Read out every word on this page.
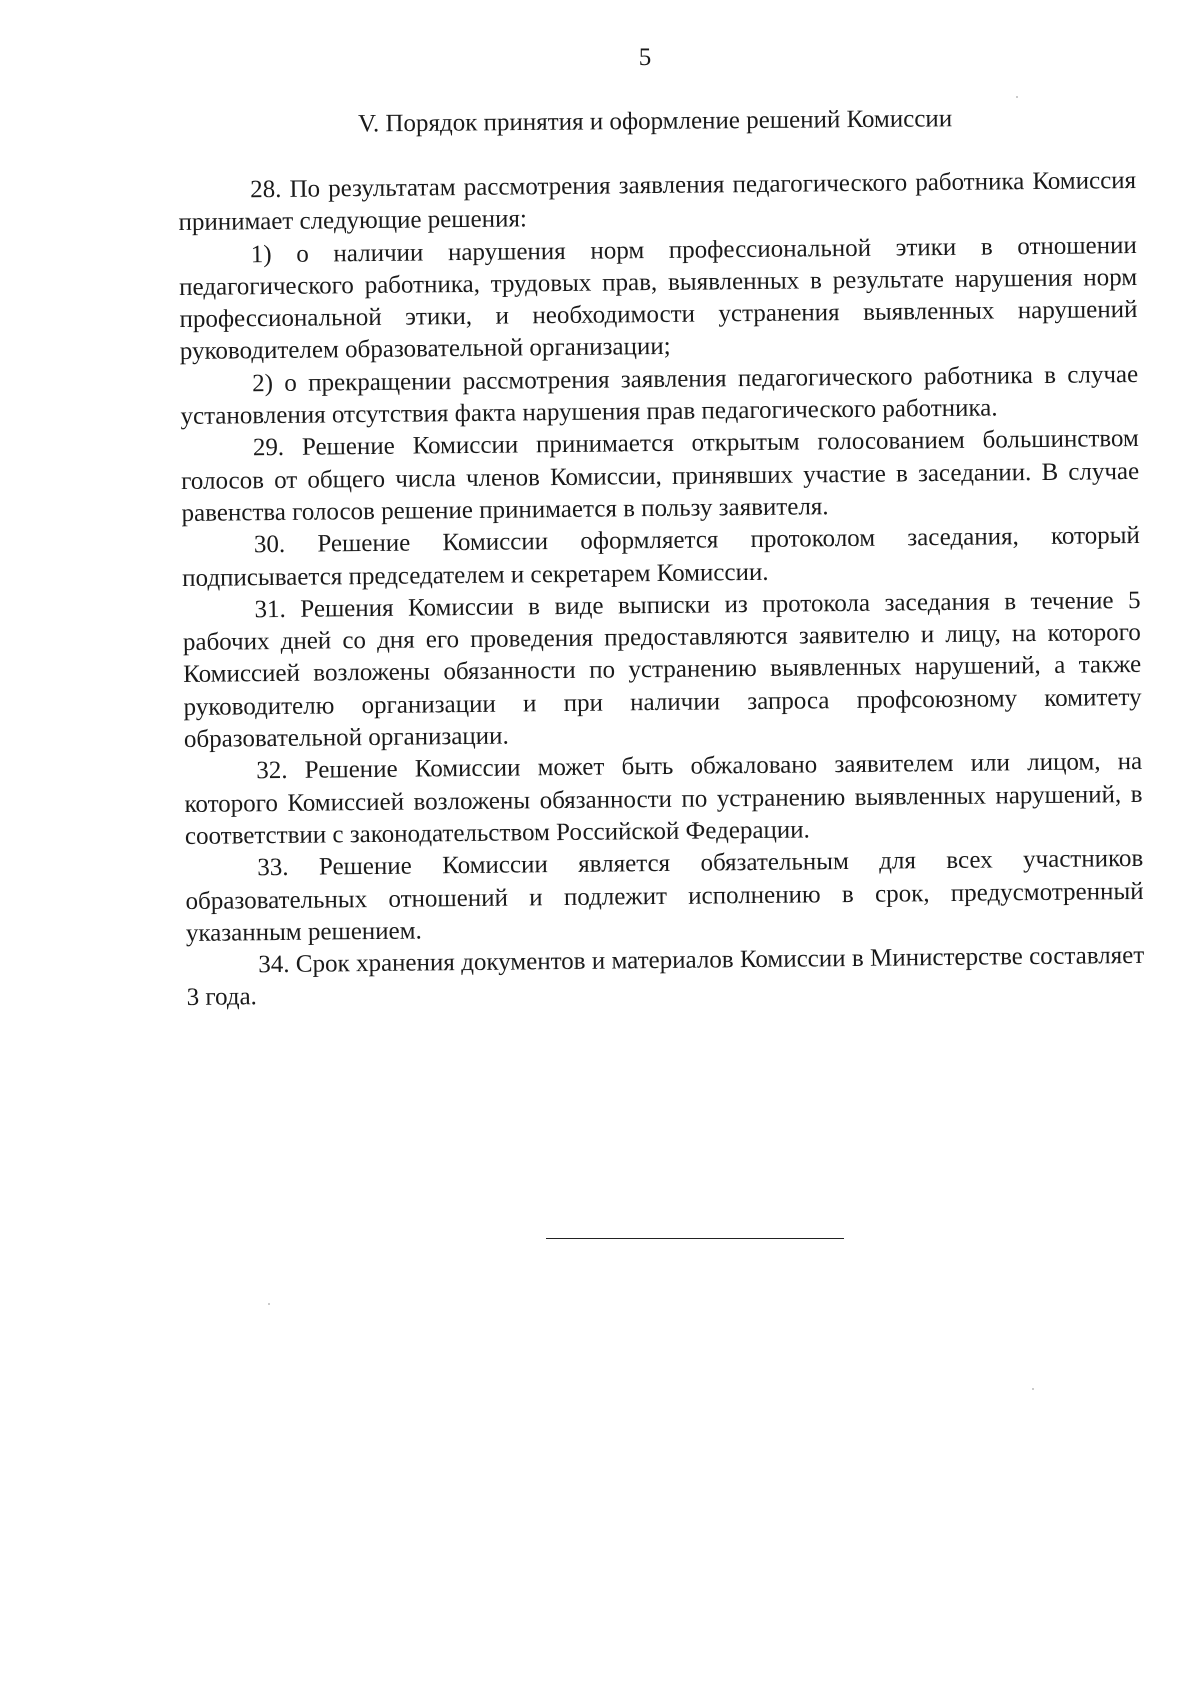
5
V. Порядок принятия и оформление решений Комиссии

28. По результатам рассмотрения заявления педагогического работника Комиссия принимает следующие решения:

1) о наличии нарушения норм профессиональной этики в отношении педагогического работника, трудовых прав, выявленных в результате нарушения норм профессиональной этики, и необходимости устранения выявленных нарушений руководителем образовательной организации;

2) о прекращении рассмотрения заявления педагогического работника в случае установления отсутствия факта нарушения прав педагогического работника.

29. Решение Комиссии принимается открытым голосованием большинством голосов от общего числа членов Комиссии, принявших участие в заседании. В случае равенства голосов решение принимается в пользу заявителя.

30. Решение Комиссии оформляется протоколом заседания, который подписывается председателем и секретарем Комиссии.

31. Решения Комиссии в виде выписки из протокола заседания в течение 5 рабочих дней со дня его проведения предоставляются заявителю и лицу, на которого Комиссией возложены обязанности по устранению выявленных нарушений, а также руководителю организации и при наличии запроса профсоюзному комитету образовательной организации.

32. Решение Комиссии может быть обжаловано заявителем или лицом, на которого Комиссией возложены обязанности по устранению выявленных нарушений, в соответствии с законодательством Российской Федерации.

33. Решение Комиссии является обязательным для всех участников образовательных отношений и подлежит исполнению в срок, предусмотренный указанным решением.

34. Срок хранения документов и материалов Комиссии в Министерстве составляет 3 года.
